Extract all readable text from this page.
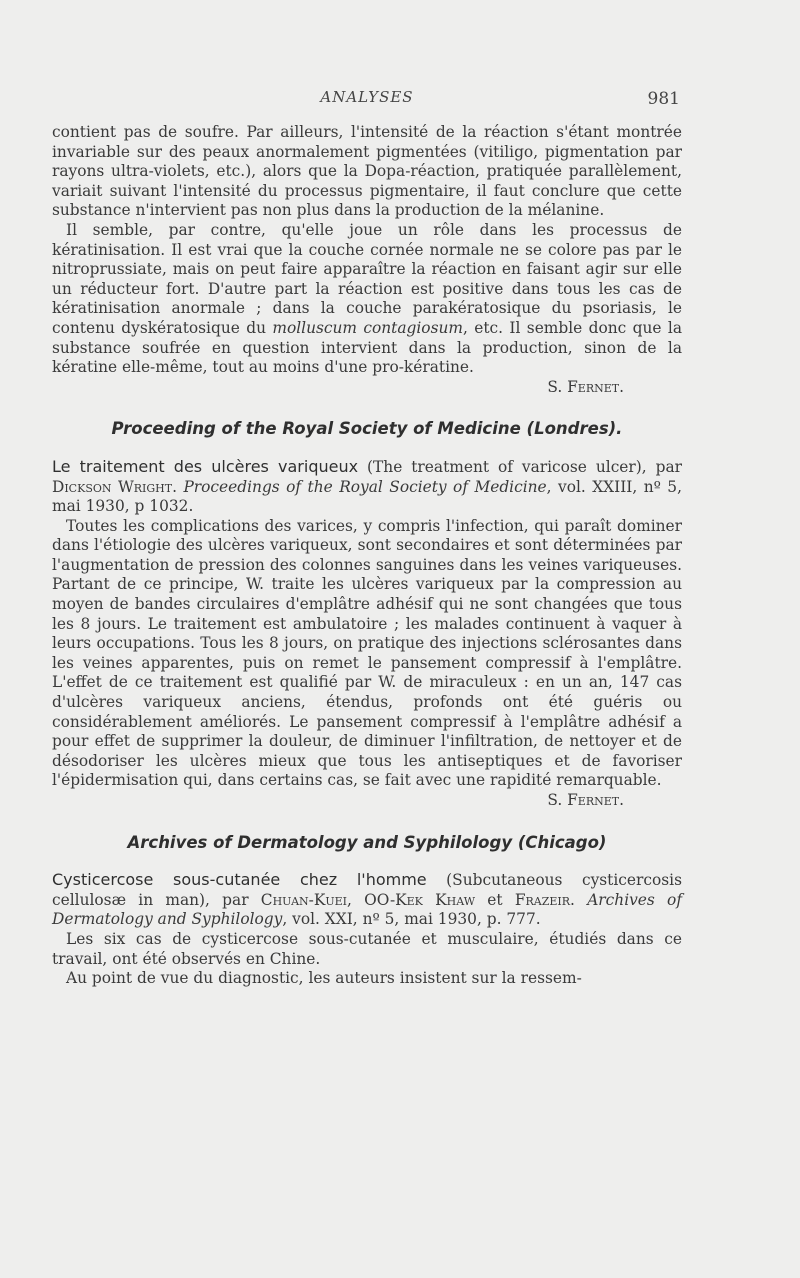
ANALYSES	981

contient pas de soufre. Par ailleurs, l'intensité de la réaction s'étant montrée invariable sur des peaux anormalement pigmentées (vitiligo, pigmentation par rayons ultra-violets, etc.), alors que la Dopa-réaction, pratiquée parallèlement, variait suivant l'intensité du processus pigmentaire, il faut conclure que cette substance n'intervient pas non plus dans la production de la mélanine.

Il semble, par contre, qu'elle joue un rôle dans les processus de kératinisation. Il est vrai que la couche cornée normale ne se colore pas par le nitroprussiate, mais on peut faire apparaître la réaction en faisant agir sur elle un réducteur fort. D'autre part la réaction est positive dans tous les cas de kératinisation anormale ; dans la couche parakératosique du psoriasis, le contenu dyskératosique du molluscum contagiosum, etc. Il semble donc que la substance soufrée en question intervient dans la production, sinon de la kératine elle-même, tout au moins d'une pro-kératine.

S. Fernet.

Proceeding of the Royal Society of Medicine (Londres).

Le traitement des ulcères variqueux (The treatment of varicose ulcer), par Dickson Wright. Proceedings of the Royal Society of Medicine, vol. XXIII, nº 5, mai 1930, p 1032.

Toutes les complications des varices, y compris l'infection, qui paraît dominer dans l'étiologie des ulcères variqueux, sont secondaires et sont déterminées par l'augmentation de pression des colonnes sanguines dans les veines variqueuses. Partant de ce principe, W. traite les ulcères variqueux par la compression au moyen de bandes circulaires d'emplâtre adhésif qui ne sont changées que tous les 8 jours. Le traitement est ambulatoire ; les malades continuent à vaquer à leurs occupations. Tous les 8 jours, on pratique des injections sclérosantes dans les veines apparentes, puis on remet le pansement compressif à l'emplâtre. L'effet de ce traitement est qualifié par W. de miraculeux : en un an, 147 cas d'ulcères variqueux anciens, étendus, profonds ont été guéris ou considérablement améliorés. Le pansement compressif à l'emplâtre adhésif a pour effet de supprimer la douleur, de diminuer l'infiltration, de nettoyer et de désodoriser les ulcères mieux que tous les antiseptiques et de favoriser l'épidermisation qui, dans certains cas, se fait avec une rapidité remarquable.

S. Fernet.

Archives of Dermatology and Syphilology (Chicago)

Cysticercose sous-cutanée chez l'homme (Subcutaneous cysticercosis cellulosæ in man), par Chuan-Kuei, OO-Kek Khaw et Frazeir. Archives of Dermatology and Syphilology, vol. XXI, nº 5, mai 1930, p. 777.

Les six cas de cysticercose sous-cutanée et musculaire, étudiés dans ce travail, ont été observés en Chine.

Au point de vue du diagnostic, les auteurs insistent sur la ressem-
